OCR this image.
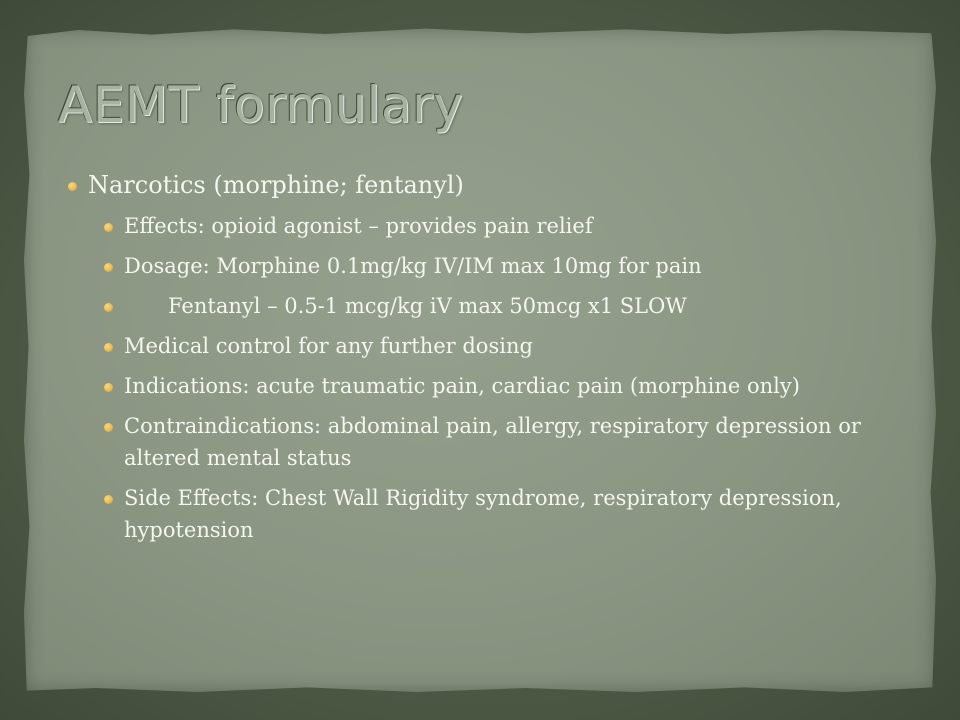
AEMT formulary
Narcotics (morphine; fentanyl)
Effects: opioid agonist – provides pain relief
Dosage: Morphine 0.1mg/kg IV/IM max 10mg for pain
Fentanyl – 0.5-1 mcg/kg iV max 50mcg x1 SLOW
Medical control for any further dosing
Indications: acute traumatic pain, cardiac pain (morphine only)
Contraindications: abdominal pain, allergy, respiratory depression or altered mental status
Side Effects: Chest Wall Rigidity syndrome, respiratory depression, hypotension
